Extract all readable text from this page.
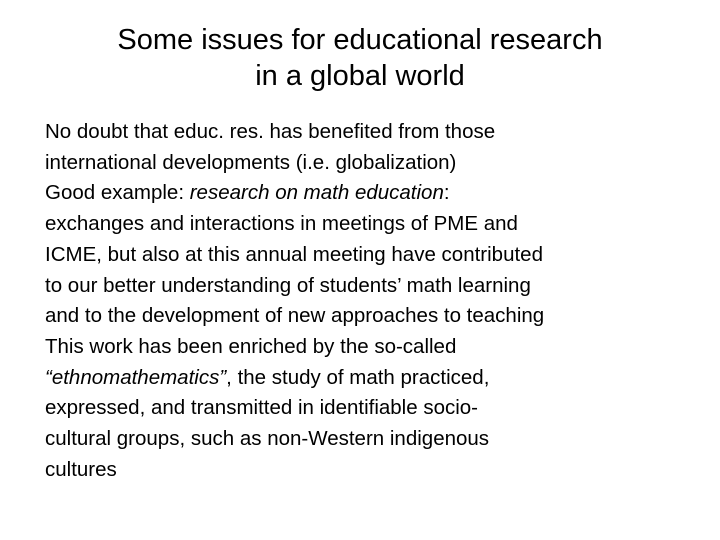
Some issues for educational research
in a global world

No doubt that educ. res. has benefited from those
international developments (i.e. globalization)

Good example: research on math education:
exchanges and interactions in meetings of PME and
ICME, but also at this annual meeting have contributed
to our better understanding of students’ math learning
and to the development of new approaches to teaching

This work has been enriched by the so-called
“ethnomathematics”, the study of math practiced,
expressed, and transmitted in identifiable socio-
cultural groups, such as non-Western indigenous
cultures
